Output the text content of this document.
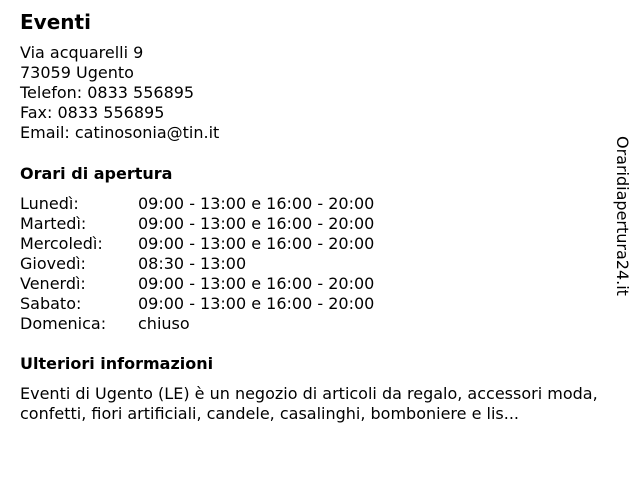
Eventi
Via acquarelli 9
73059 Ugento
Telefon: 0833 556895
Fax: 0833 556895
Email: catinosonia@tin.it
Orari di apertura
Lunedì:	09:00 - 13:00 e 16:00 - 20:00
Martedì:	09:00 - 13:00 e 16:00 - 20:00
Mercoledì: 09:00 - 13:00 e 16:00 - 20:00
Giovedì:	08:30 - 13:00
Venerdì:	09:00 - 13:00 e 16:00 - 20:00
Sabato:	09:00 - 13:00 e 16:00 - 20:00
Domenica: chiuso
Ulteriori informazioni
Eventi di Ugento (LE) è un negozio di articoli da regalo, accessori moda, confetti, fiori artificiali, candele, casalinghi, bomboniere e lis...
Oraridiapertura24.it
